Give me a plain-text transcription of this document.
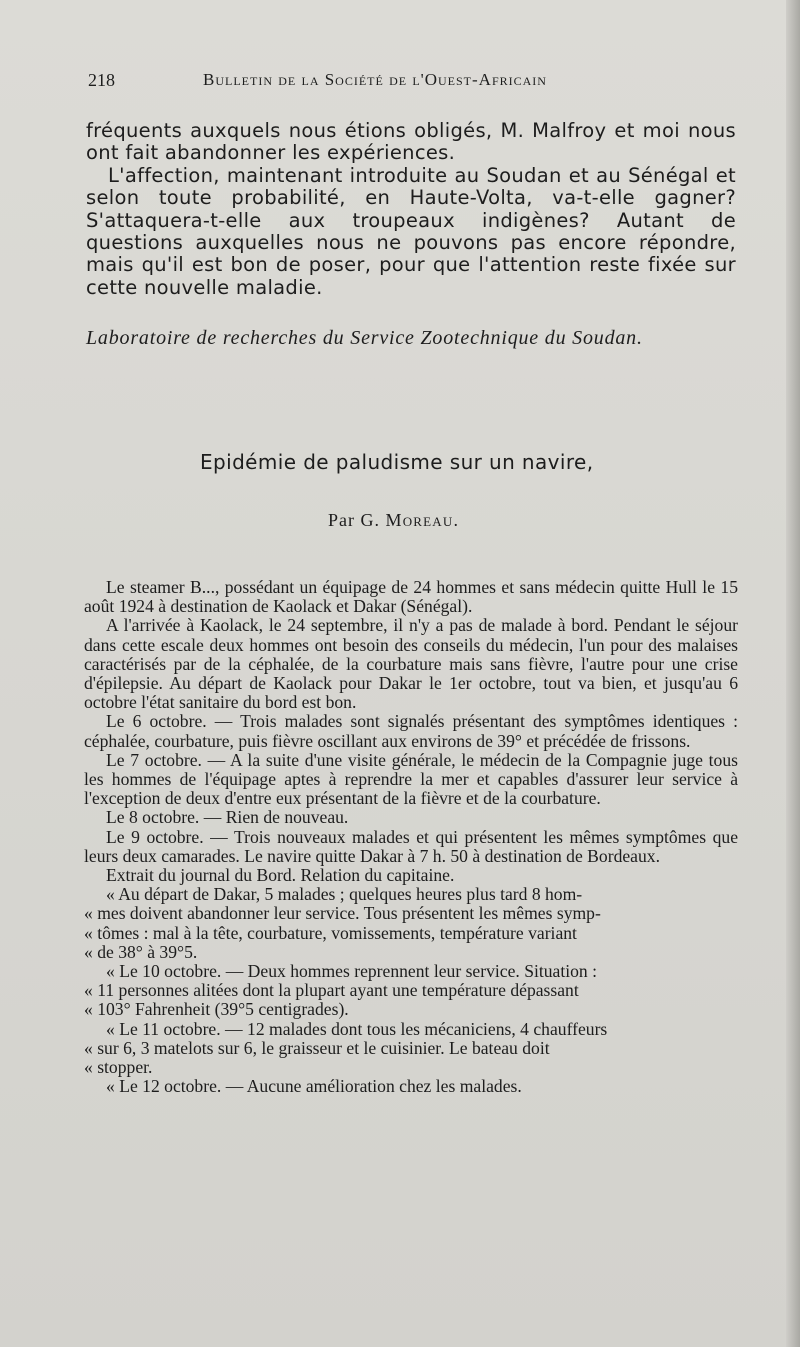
218	Bulletin de la Société de l'Ouest-Africain

fréquents auxquels nous étions obligés, M. Malfroy et moi nous ont fait abandonner les expériences.

L'affection, maintenant introduite au Soudan et au Sénégal et selon toute probabilité, en Haute-Volta, va-t-elle gagner? S'attaquera-t-elle aux troupeaux indigènes? Autant de questions auxquelles nous ne pouvons pas encore répondre, mais qu'il est bon de poser, pour que l'attention reste fixée sur cette nouvelle maladie.

Laboratoire de recherches du Service Zootechnique du Soudan.
Epidémie de paludisme sur un navire,
Par G. Moreau.

Le steamer B..., possédant un équipage de 24 hommes et sans médecin quitte Hull le 15 août 1924 à destination de Kaolack et Dakar (Sénégal).

A l'arrivée à Kaolack, le 24 septembre, il n'y a pas de malade à bord. Pendant le séjour dans cette escale deux hommes ont besoin des conseils du médecin, l'un pour des malaises caractérisés par de la céphalée, de la courbature mais sans fièvre, l'autre pour une crise d'épilepsie. Au départ de Kaolack pour Dakar le 1er octobre, tout va bien, et jusqu'au 6 octobre l'état sanitaire du bord est bon.

Le 6 octobre. — Trois malades sont signalés présentant des symptômes identiques : céphalée, courbature, puis fièvre oscillant aux environs de 39° et précédée de frissons.

Le 7 octobre. — A la suite d'une visite générale, le médecin de la Compagnie juge tous les hommes de l'équipage aptes à reprendre la mer et capables d'assurer leur service à l'exception de deux d'entre eux présentant de la fièvre et de la courbature.

Le 8 octobre. — Rien de nouveau.

Le 9 octobre. — Trois nouveaux malades et qui présentent les mêmes symptômes que leurs deux camarades. Le navire quitte Dakar à 7 h. 50 à destination de Bordeaux.

Extrait du journal du Bord. Relation du capitaine.

« Au départ de Dakar, 5 malades ; quelques heures plus tard 8 hom-

« mes doivent abandonner leur service. Tous présentent les mêmes symp-

« tômes : mal à la tête, courbature, vomissements, température variant

« de 38° à 39°5.

« Le 10 octobre. — Deux hommes reprennent leur service. Situation :

« 11 personnes alitées dont la plupart ayant une température dépassant

« 103° Fahrenheit (39°5 centigrades).

« Le 11 octobre. — 12 malades dont tous les mécaniciens, 4 chauffeurs

« sur 6, 3 matelots sur 6, le graisseur et le cuisinier. Le bateau doit

« stopper.

« Le 12 octobre. — Aucune amélioration chez les malades.
